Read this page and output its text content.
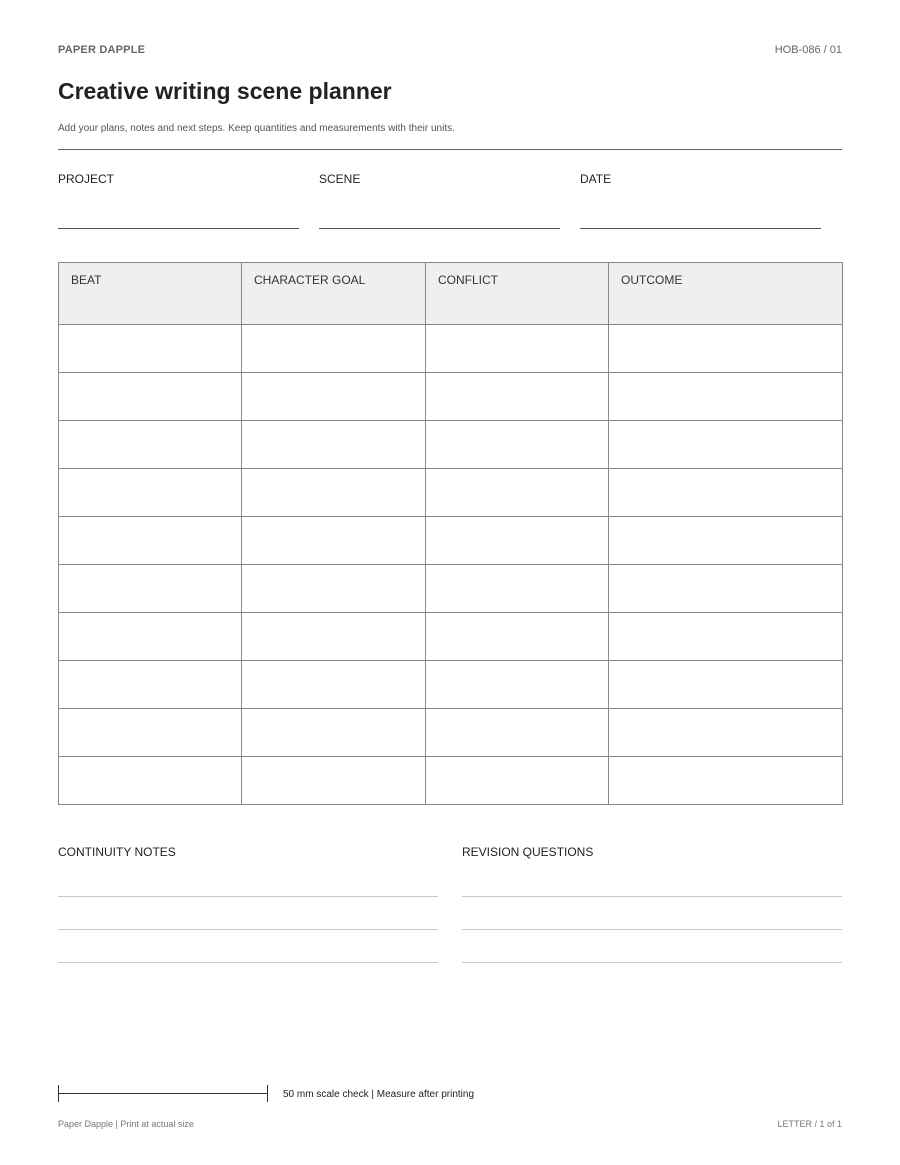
PAPER DAPPLE	HOB-086 / 01
Creative writing scene planner
Add your plans, notes and next steps. Keep quantities and measurements with their units.
PROJECT	SCENE	DATE
BEAT	CHARACTER GOAL	CONFLICT	OUTCOME

CONTINUITY NOTES	REVISION QUESTIONS
50 mm scale check | Measure after printing
Paper Dapple | Print at actual size	LETTER / 1 of 1
